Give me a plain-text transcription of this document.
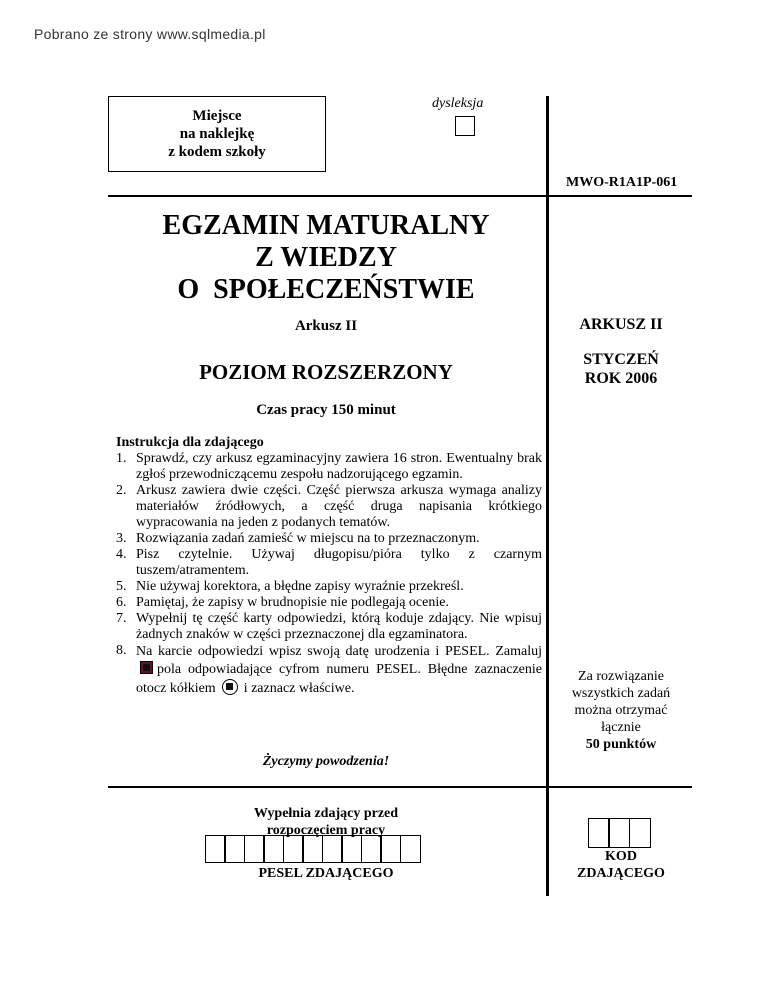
Pobrano ze strony www.sqlmedia.pl
Miejsce
na naklejkę
z kodem szkoły
dysleksja
MWO-R1A1P-061
EGZAMIN MATURALNY
Z WIEDZY
O  SPOŁECZEŃSTWIE
Arkusz II
POZIOM ROZSZERZONY
Czas pracy 150 minut
ARKUSZ II
STYCZEŃ
ROK 2006
Instrukcja dla zdającego
1. Sprawdź, czy arkusz egzaminacyjny zawiera 16 stron. Ewentualny brak zgłoś przewodniczącemu zespołu nadzorującego egzamin.
2. Arkusz zawiera dwie części. Część pierwsza arkusza wymaga analizy materiałów źródłowych, a część druga napisania krótkiego wypracowania na jeden z podanych tematów.
3. Rozwiązania zadań zamieść w miejscu na to przeznaczonym.
4. Pisz czytelnie. Używaj długopisu/pióra tylko z czarnym tuszem/atramentem.
5. Nie używaj korektora, a błędne zapisy wyraźnie przekreśl.
6. Pamiętaj, że zapisy w brudnopisie nie podlegają ocenie.
7. Wypełnij tę część karty odpowiedzi, którą koduje zdający. Nie wpisuj żadnych znaków w części przeznaczonej dla egzaminatora.
8. Na karcie odpowiedzi wpisz swoją datę urodzenia i PESEL. Zamalujpola odpowiadające cyfrom numeru PESEL. Błędne zaznaczenie otocz kółkiem i zaznacz właściwe.
Życzymy powodzenia!
Za rozwiązanie
wszystkich zadań
można otrzymać
łącznie
50 punktów
Wypełnia zdający przed
rozpoczęciem pracy
PESEL ZDAJĄCEGO
KOD
ZDAJĄCEGO
